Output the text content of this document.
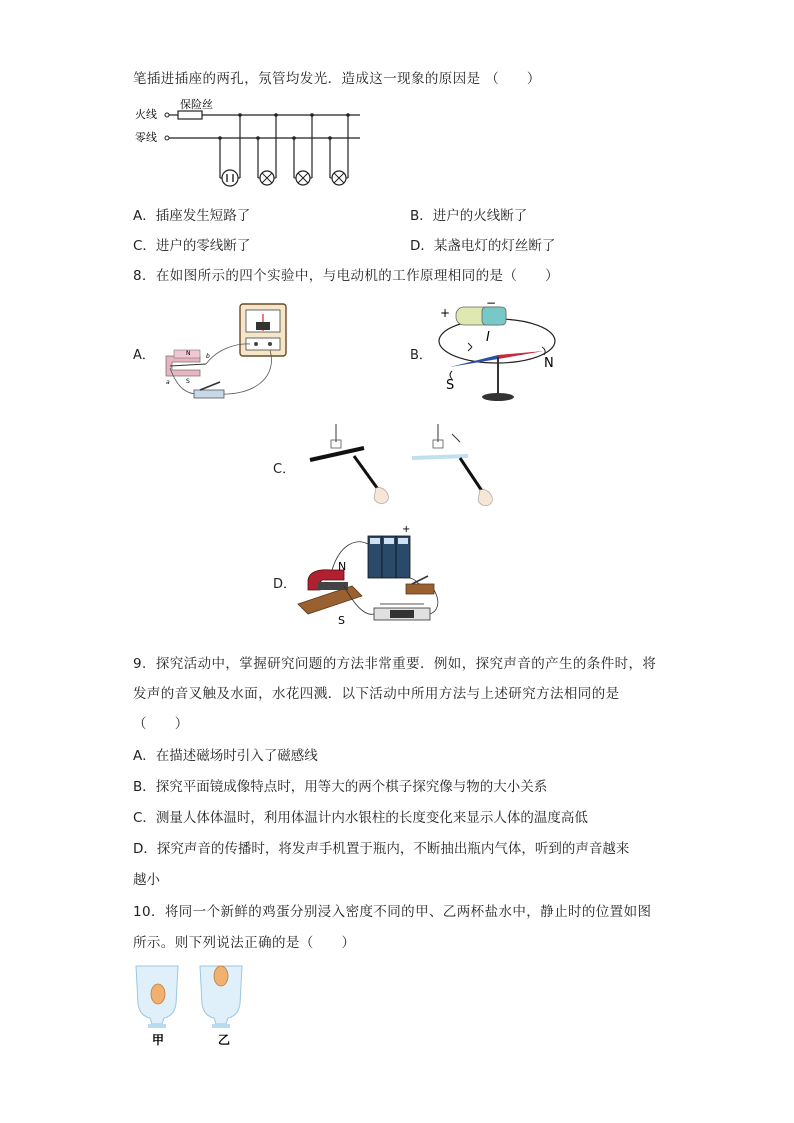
笔插进插座的两孔，氖管均发光．造成这一现象的原因是 （　　）
火线
零线
保险丝
A．插座发生短路了	B．进户的火线断了
C．进户的零线断了	D．某盏电灯的灯丝断了
8．在如图所示的四个实验中，与电动机的工作原理相同的是（　　）
A．	N
S
a
b	B．
+
−
I
N
S
C．
D．
N
S
+
9．探究活动中，掌握研究问题的方法非常重要．例如，探究声音的产生的条件时，将
发声的音叉触及水面，水花四溅．以下活动中所用方法与上述研究方法相同的是
（　　）
A．在描述磁场时引入了磁感线
B．探究平面镜成像特点时，用等大的两个棋子探究像与物的大小关系
C．测量人体体温时，利用体温计内水银柱的长度变化来显示人体的温度高低
D．探究声音的传播时，将发声手机置于瓶内，不断抽出瓶内气体，听到的声音越来
越小
10．将同一个新鲜的鸡蛋分别浸入密度不同的甲、乙两杯盐水中，静止时的位置如图
所示。则下列说法正确的是（　　）
甲	乙
